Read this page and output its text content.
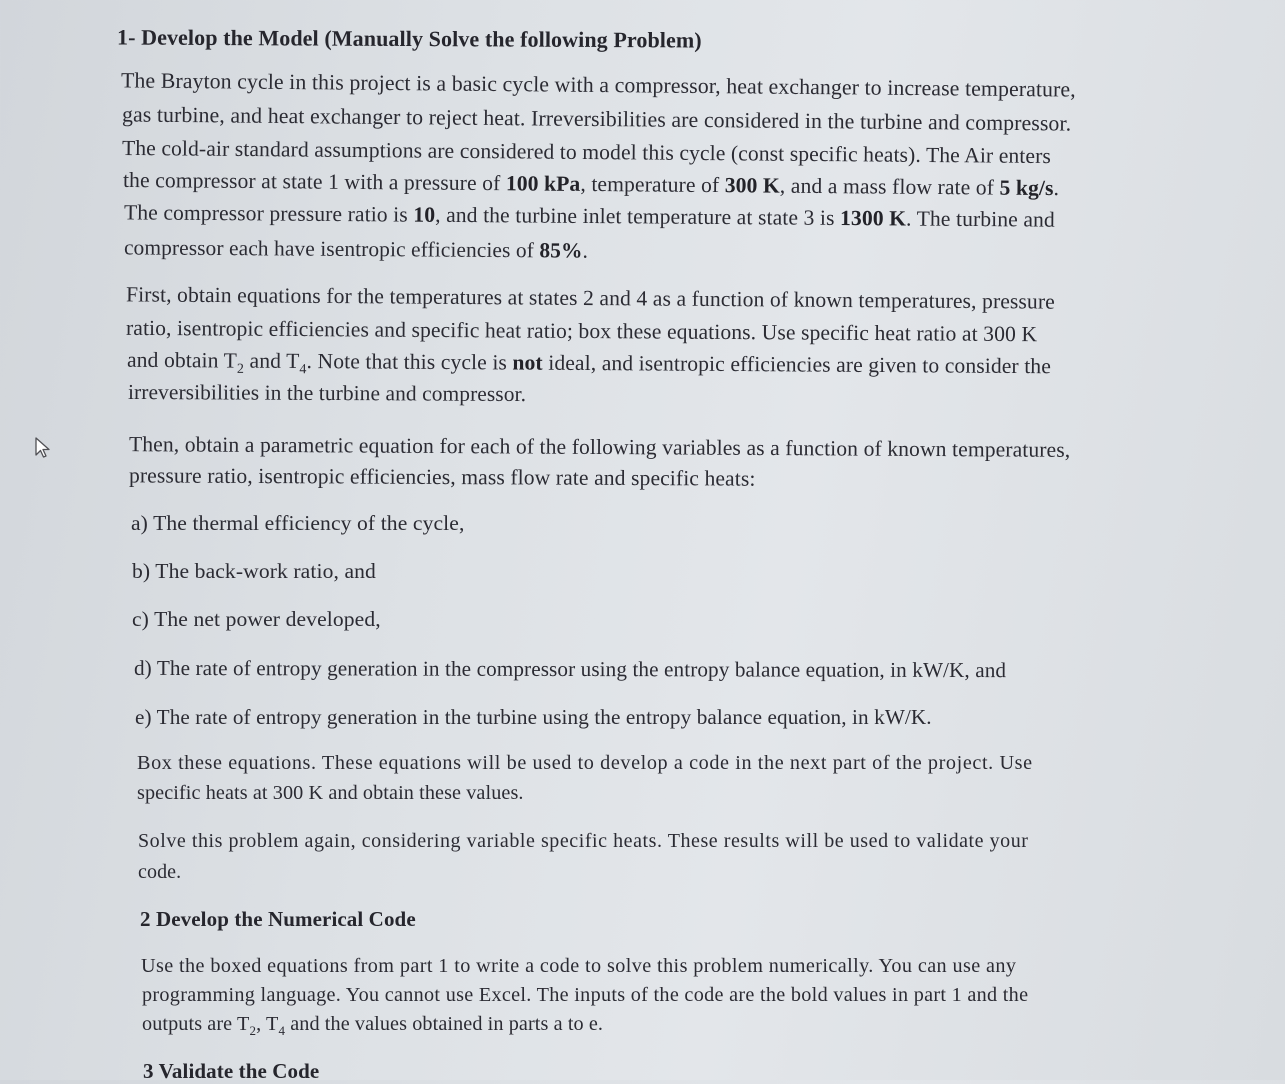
1- Develop the Model (Manually Solve the following Problem)
The Brayton cycle in this project is a basic cycle with a compressor, heat exchanger to increase temperature,
gas turbine, and heat exchanger to reject heat. Irreversibilities are considered in the turbine and compressor.
The cold-air standard assumptions are considered to model this cycle (const specific heats). The Air enters
the compressor at state 1 with a pressure of 100 kPa, temperature of 300 K, and a mass flow rate of 5 kg/s.
The compressor pressure ratio is 10, and the turbine inlet temperature at state 3 is 1300 K. The turbine and
compressor each have isentropic efficiencies of 85%.
First, obtain equations for the temperatures at states 2 and 4 as a function of known temperatures, pressure
ratio, isentropic efficiencies and specific heat ratio; box these equations. Use specific heat ratio at 300 K
and obtain $T_2$ and $T_4$. Note that this cycle is not ideal, and isentropic efficiencies are given to consider the
irreversibilities in the turbine and compressor.
Then, obtain a parametric equation for each of the following variables as a function of known temperatures,
pressure ratio, isentropic efficiencies, mass flow rate and specific heats:
a) The thermal efficiency of the cycle,
b) The back-work ratio, and
c) The net power developed,
d) The rate of entropy generation in the compressor using the entropy balance equation, in kW/K, and
e) The rate of entropy generation in the turbine using the entropy balance equation, in kW/K.
Box these equations. These equations will be used to develop a code in the next part of the project. Use
specific heats at 300 K and obtain these values.
Solve this problem again, considering variable specific heats. These results will be used to validate your
code.
2 Develop the Numerical Code
Use the boxed equations from part 1 to write a code to solve this problem numerically. You can use any
programming language. You cannot use Excel. The inputs of the code are the bold values in part 1 and the
outputs are $T_2$, $T_4$ and the values obtained in parts a to e.
3 Validate the Code
